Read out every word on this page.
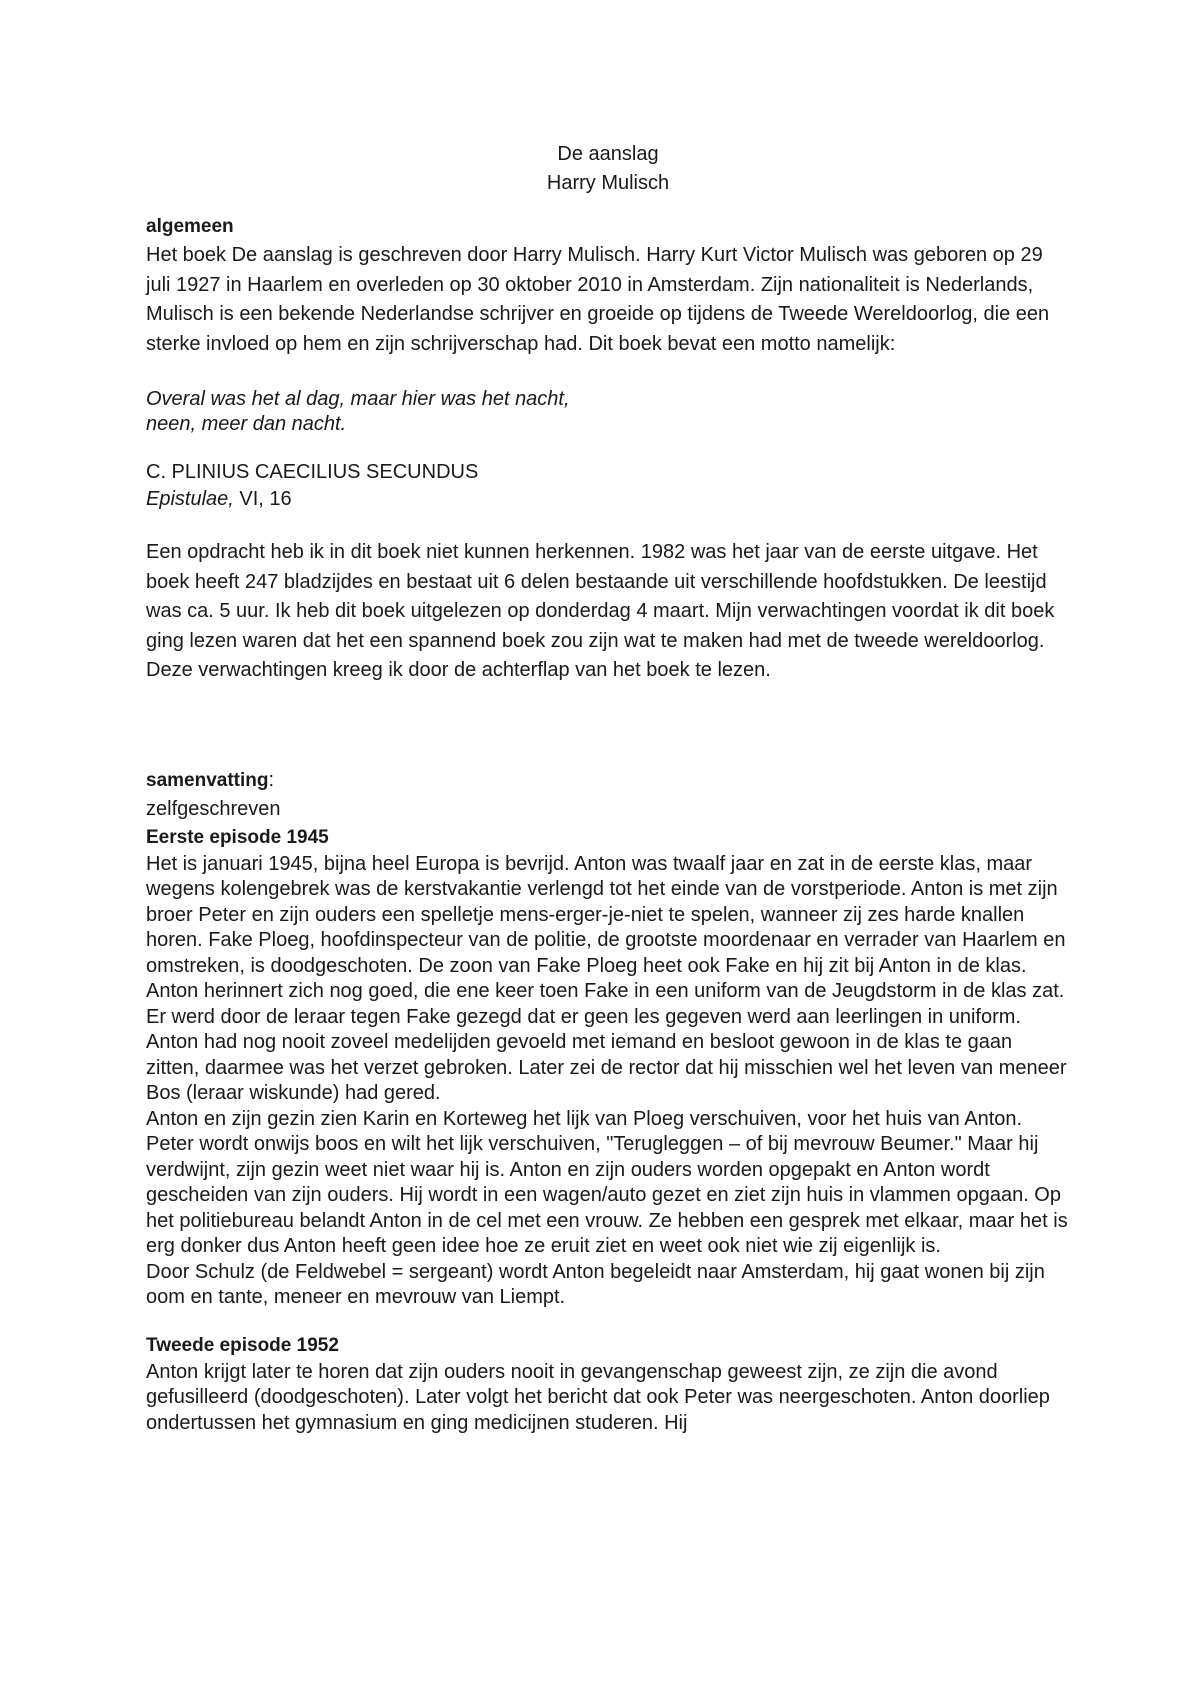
De aanslag
Harry Mulisch
algemeen

Het boek De aanslag is geschreven door Harry Mulisch. Harry Kurt Victor Mulisch was geboren op 29 juli 1927 in Haarlem en overleden op 30 oktober 2010 in Amsterdam. Zijn nationaliteit is Nederlands, Mulisch is een bekende Nederlandse schrijver en groeide op tijdens de Tweede Wereldoorlog, die een sterke invloed op hem en zijn schrijverschap had. Dit boek bevat een motto namelijk:

Overal was het al dag, maar hier was het nacht,
neen, meer dan nacht.
C. PLINIUS CAECILIUS SECUNDUS
Epistulae, VI, 16

Een opdracht heb ik in dit boek niet kunnen herkennen. 1982 was het jaar van de eerste uitgave. Het boek heeft 247 bladzijdes en bestaat uit 6 delen bestaande uit verschillende hoofdstukken. De leestijd was ca. 5 uur. Ik heb dit boek uitgelezen op donderdag 4 maart. Mijn verwachtingen voordat ik dit boek ging lezen waren dat het een spannend boek zou zijn wat te maken had met de tweede wereldoorlog. Deze verwachtingen kreeg ik door de achterflap van het boek te lezen.

samenvatting:
zelfgeschreven
Eerste episode 1945

Het is januari 1945, bijna heel Europa is bevrijd. Anton was twaalf jaar en zat in de eerste klas, maar wegens kolengebrek was de kerstvakantie verlengd tot het einde van de vorstperiode. Anton is met zijn broer Peter en zijn ouders een spelletje mens-erger-je-niet te spelen, wanneer zij zes harde knallen horen. Fake Ploeg, hoofdinspecteur van de politie, de grootste moordenaar en verrader van Haarlem en omstreken, is doodgeschoten. De zoon van Fake Ploeg heet ook Fake en hij zit bij Anton in de klas. Anton herinnert zich nog goed, die ene keer toen Fake in een uniform van de Jeugdstorm in de klas zat. Er werd door de leraar tegen Fake gezegd dat er geen les gegeven werd aan leerlingen in uniform. Anton had nog nooit zoveel medelijden gevoeld met iemand en besloot gewoon in de klas te gaan zitten, daarmee was het verzet gebroken. Later zei de rector dat hij misschien wel het leven van meneer Bos (leraar wiskunde) had gered.

Anton en zijn gezin zien Karin en Korteweg het lijk van Ploeg verschuiven, voor het huis van Anton. Peter wordt onwijs boos en wilt het lijk verschuiven, "Terugleggen – of bij mevrouw Beumer." Maar hij verdwijnt, zijn gezin weet niet waar hij is. Anton en zijn ouders worden opgepakt en Anton wordt gescheiden van zijn ouders. Hij wordt in een wagen/auto gezet en ziet zijn huis in vlammen opgaan. Op het politiebureau belandt Anton in de cel met een vrouw. Ze hebben een gesprek met elkaar, maar het is erg donker dus Anton heeft geen idee hoe ze eruit ziet en weet ook niet wie zij eigenlijk is.

Door Schulz (de Feldwebel = sergeant) wordt Anton begeleidt naar Amsterdam, hij gaat wonen bij zijn oom en tante, meneer en mevrouw van Liempt.

Tweede episode 1952

Anton krijgt later te horen dat zijn ouders nooit in gevangenschap geweest zijn, ze zijn die avond gefusilleerd (doodgeschoten). Later volgt het bericht dat ook Peter was neergeschoten. Anton doorliep ondertussen het gymnasium en ging medicijnen studeren. Hij
